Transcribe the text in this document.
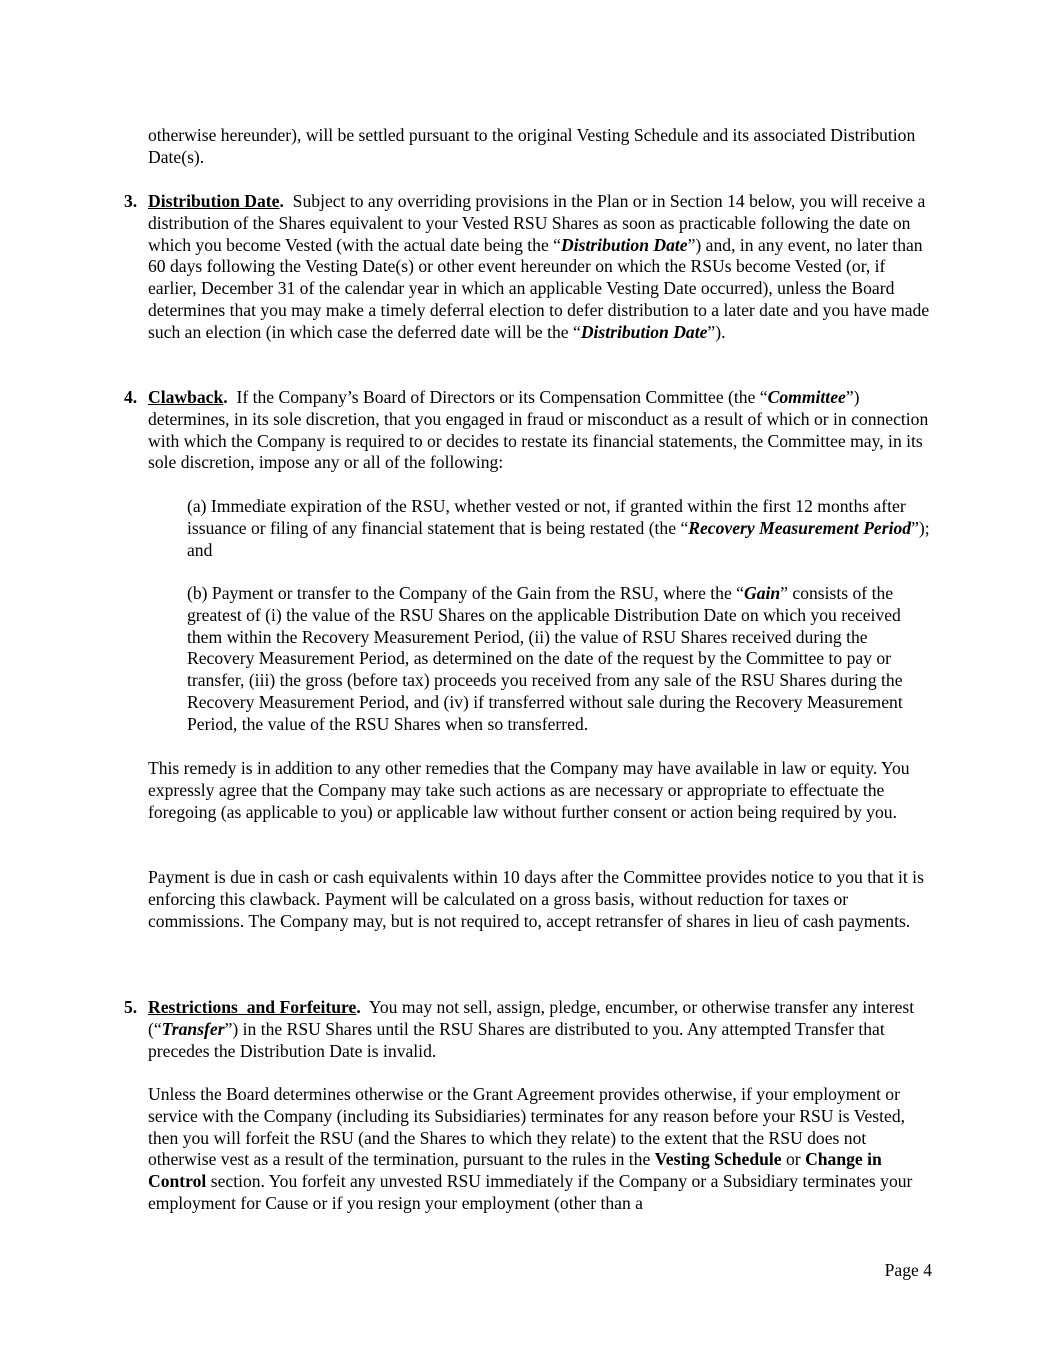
otherwise hereunder), will be settled pursuant to the original Vesting Schedule and its associated Distribution Date(s).

3. Distribution Date. Subject to any overriding provisions in the Plan or in Section 14 below, you will receive a distribution of the Shares equivalent to your Vested RSU Shares as soon as practicable following the date on which you become Vested (with the actual date being the “Distribution Date”) and, in any event, no later than 60 days following the Vesting Date(s) or other event hereunder on which the RSUs become Vested (or, if earlier, December 31 of the calendar year in which an applicable Vesting Date occurred), unless the Board determines that you may make a timely deferral election to defer distribution to a later date and you have made such an election (in which case the deferred date will be the “Distribution Date”).

4. Clawback. If the Company’s Board of Directors or its Compensation Committee (the “Committee”) determines, in its sole discretion, that you engaged in fraud or misconduct as a result of which or in connection with which the Company is required to or decides to restate its financial statements, the Committee may, in its sole discretion, impose any or all of the following:

(a) Immediate expiration of the RSU, whether vested or not, if granted within the first 12 months after issuance or filing of any financial statement that is being restated (the “Recovery Measurement Period”); and

(b) Payment or transfer to the Company of the Gain from the RSU, where the “Gain” consists of the greatest of (i) the value of the RSU Shares on the applicable Distribution Date on which you received them within the Recovery Measurement Period, (ii) the value of RSU Shares received during the Recovery Measurement Period, as determined on the date of the request by the Committee to pay or transfer, (iii) the gross (before tax) proceeds you received from any sale of the RSU Shares during the Recovery Measurement Period, and (iv) if transferred without sale during the Recovery Measurement Period, the value of the RSU Shares when so transferred.

This remedy is in addition to any other remedies that the Company may have available in law or equity. You expressly agree that the Company may take such actions as are necessary or appropriate to effectuate the foregoing (as applicable to you) or applicable law without further consent or action being required by you.

Payment is due in cash or cash equivalents within 10 days after the Committee provides notice to you that it is enforcing this clawback. Payment will be calculated on a gross basis, without reduction for taxes or commissions. The Company may, but is not required to, accept retransfer of shares in lieu of cash payments.

5. Restrictions  and Forfeiture. You may not sell, assign, pledge, encumber, or otherwise transfer any interest (“Transfer”) in the RSU Shares until the RSU Shares are distributed to you. Any attempted Transfer that precedes the Distribution Date is invalid.

Unless the Board determines otherwise or the Grant Agreement provides otherwise, if your employment or service with the Company (including its Subsidiaries) terminates for any reason before your RSU is Vested, then you will forfeit the RSU (and the Shares to which they relate) to the extent that the RSU does not otherwise vest as a result of the termination, pursuant to the rules in the Vesting Schedule or Change in Control section. You forfeit any unvested RSU immediately if the Company or a Subsidiary terminates your employment for Cause or if you resign your employment (other than a

Page 4
